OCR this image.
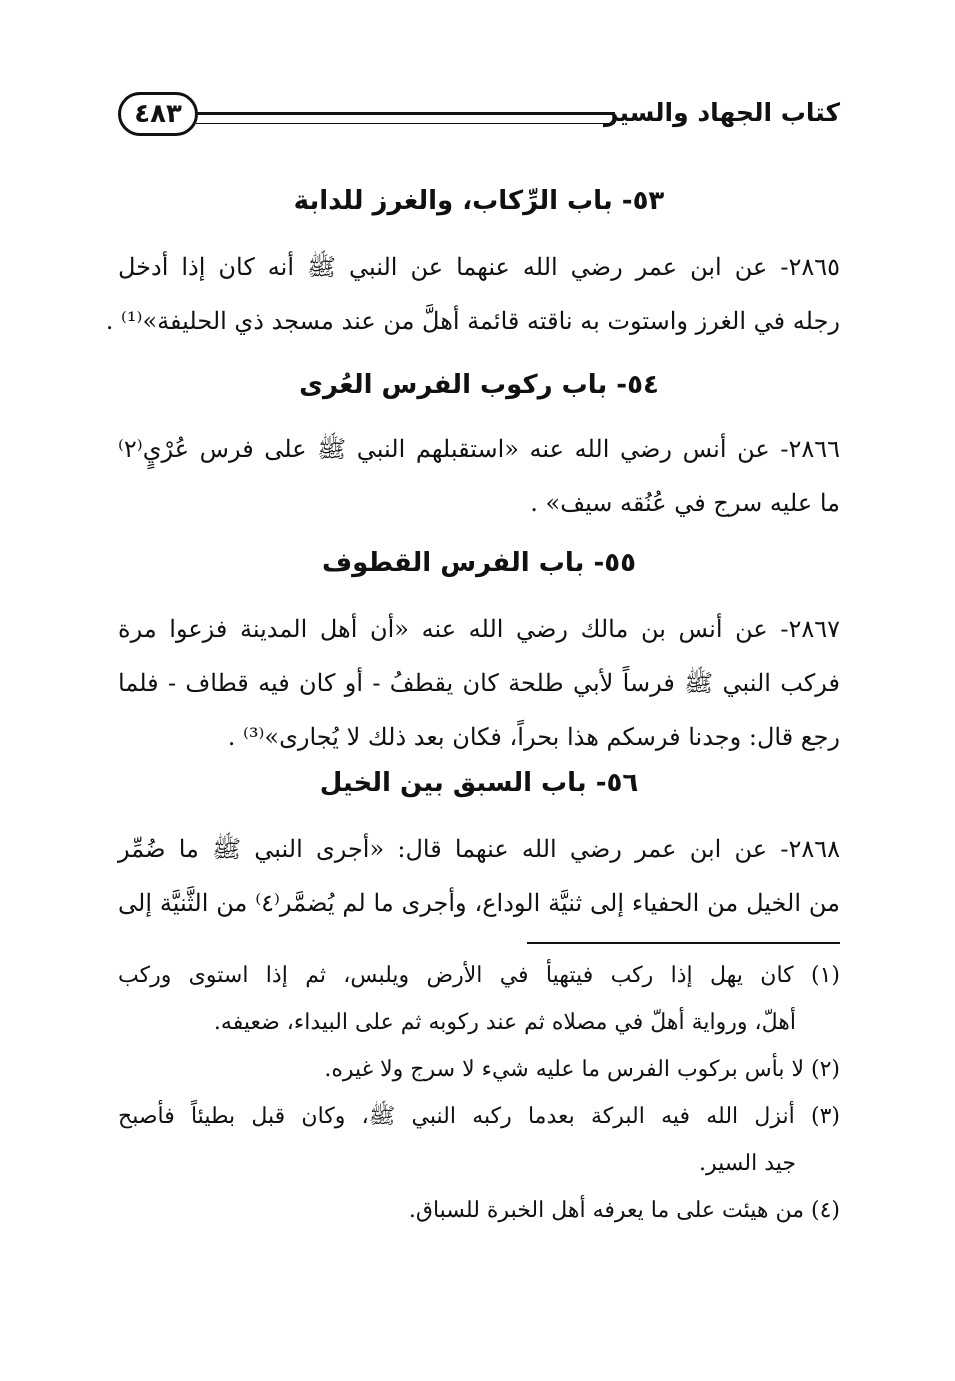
كتاب الجهاد والسير
٤٨٣
٥٣- باب الرِّكاب، والغرز للدابة
٢٨٦٥- عن ابن عمر رضي الله عنهما عن النبي ﷺ أنه كان إذا أدخل
رجله في الغرز واستوت به ناقته قائمة أهلَّ من عند مسجد ذي الحليفة»⁽¹⁾ .
٥٤- باب ركوب الفرس العُرى
٢٨٦٦- عن أنس رضي الله عنه «استقبلهم النبي ﷺ على فرس عُرْيٍ⁽٢⁾
ما عليه سرج في عُنُقه سيف» .
٥٥- باب الفرس القطوف
٢٨٦٧- عن أنس بن مالك رضي الله عنه «أن أهل المدينة فزعوا مرة
فركب النبي ﷺ فرساً لأبي طلحة كان يقطفُ - أو كان فيه قطاف - فلما
رجع قال: وجدنا فرسكم هذا بحراً، فكان بعد ذلك لا يُجارى»⁽³⁾ .
٥٦- باب السبق بين الخيل
٢٨٦٨- عن ابن عمر رضي الله عنهما قال: «أجرى النبي ﷺ ما ضُمِّر
من الخيل من الحفياء إلى ثنيَّة الوداع، وأجرى ما لم يُضمَّر⁽٤⁾ من الثَّنيَّة إلى
(١) كان يهل إذا ركب فيتهيأ في الأرض ويلبس، ثم إذا استوى وركب
أهلّ، ورواية أهلّ في مصلاه ثم عند ركوبه ثم على البيداء، ضعيفه.
(٢) لا بأس بركوب الفرس ما عليه شيء لا سرج ولا غيره.
(٣) أنزل الله فيه البركة بعدما ركبه النبي ﷺ، وكان قبل بطيئاً فأصبح
جيد السير.
(٤) من هيئت على ما يعرفه أهل الخبرة للسباق.
